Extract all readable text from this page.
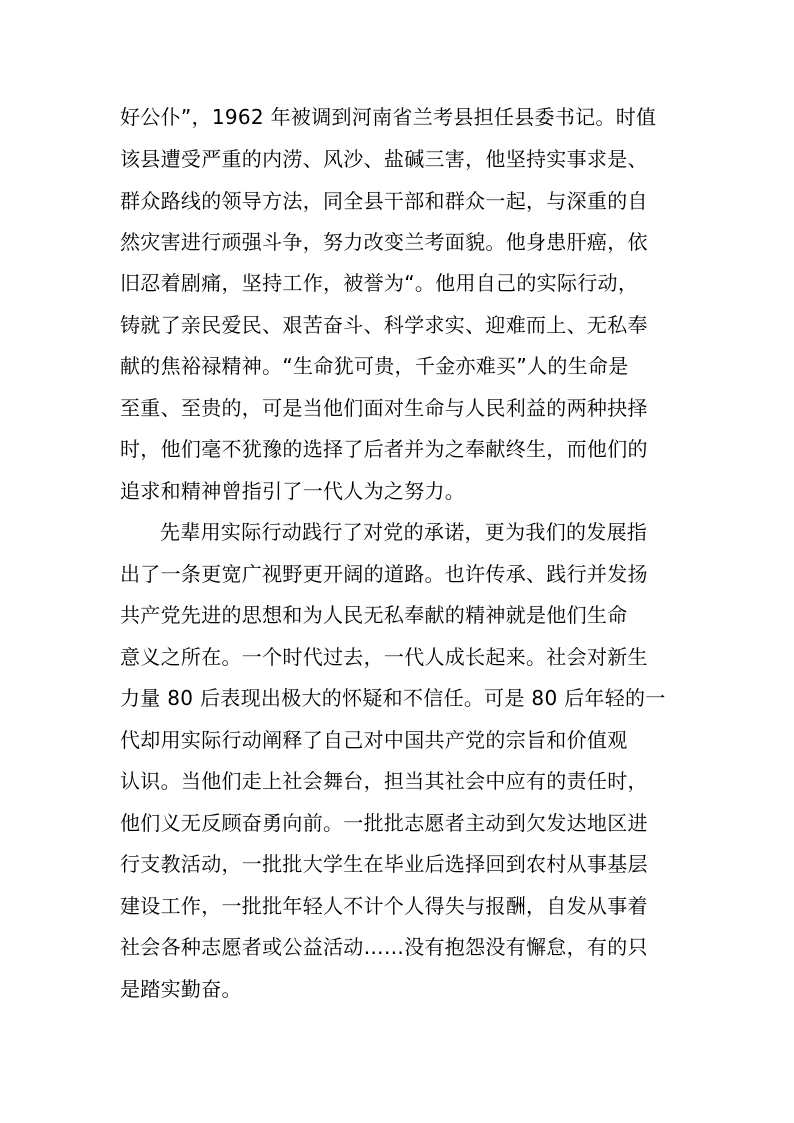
好公仆”，1962 年被调到河南省兰考县担任县委书记。时值
该县遭受严重的内涝、风沙、盐碱三害，他坚持实事求是、
群众路线的领导方法，同全县干部和群众一起，与深重的自
然灾害进行顽强斗争，努力改变兰考面貌。他身患肝癌，依
旧忍着剧痛，坚持工作，被誉为“。他用自己的实际行动，
铸就了亲民爱民、艰苦奋斗、科学求实、迎难而上、无私奉
献的焦裕禄精神。“生命犹可贵，千金亦难买”人的生命是
至重、至贵的，可是当他们面对生命与人民利益的两种抉择
时，他们毫不犹豫的选择了后者并为之奉献终生，而他们的
追求和精神曾指引了一代人为之努力。
先辈用实际行动践行了对党的承诺，更为我们的发展指
出了一条更宽广视野更开阔的道路。也许传承、践行并发扬
共产党先进的思想和为人民无私奉献的精神就是他们生命
意义之所在。一个时代过去，一代人成长起来。社会对新生
力量 80 后表现出极大的怀疑和不信任。可是 80 后年轻的一
代却用实际行动阐释了自己对中国共产党的宗旨和价值观
认识。当他们走上社会舞台，担当其社会中应有的责任时，
他们义无反顾奋勇向前。一批批志愿者主动到欠发达地区进
行支教活动，一批批大学生在毕业后选择回到农村从事基层
建设工作，一批批年轻人不计个人得失与报酬，自发从事着
社会各种志愿者或公益活动……没有抱怨没有懈怠，有的只
是踏实勤奋。
